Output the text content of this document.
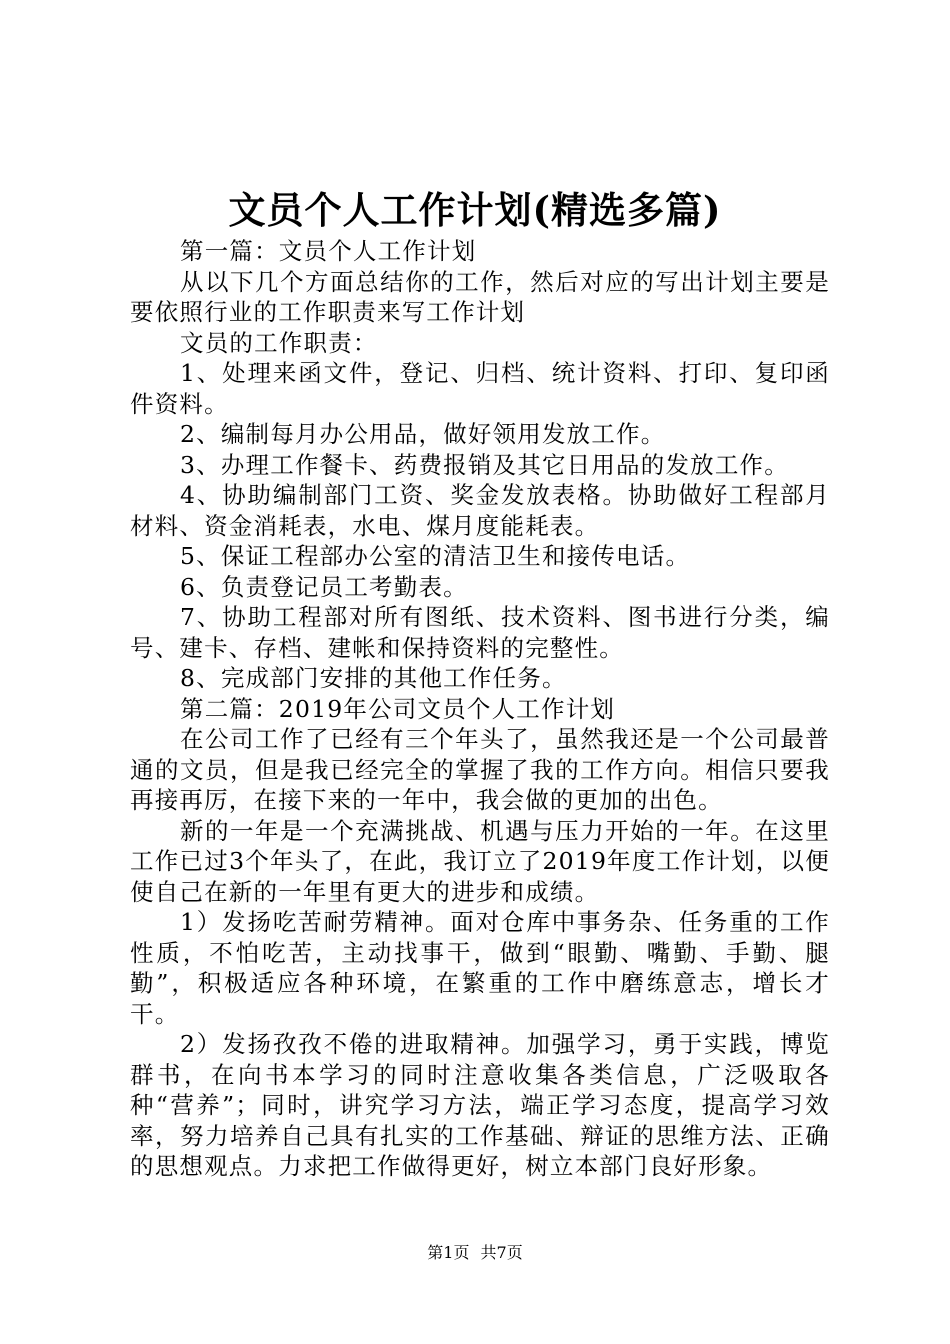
文员个人工作计划(精选多篇)

第一篇：文员个人工作计划

从以下几个方面总结你的工作，然后对应的写出计划主要是要依照行业的工作职责来写工作计划

文员的工作职责：

1、处理来函文件，登记、归档、统计资料、打印、复印函件资料。

2、编制每月办公用品，做好领用发放工作。

3、办理工作餐卡、药费报销及其它日用品的发放工作。

4、协助编制部门工资、奖金发放表格。协助做好工程部月材料、资金消耗表，水电、煤月度能耗表。

5、保证工程部办公室的清洁卫生和接传电话。

6、负责登记员工考勤表。

7、协助工程部对所有图纸、技术资料、图书进行分类，编号、建卡、存档、建帐和保持资料的完整性。

8、完成部门安排的其他工作任务。

第二篇：2019年公司文员个人工作计划

在公司工作了已经有三个年头了，虽然我还是一个公司最普通的文员，但是我已经完全的掌握了我的工作方向。相信只要我再接再厉，在接下来的一年中，我会做的更加的出色。

新的一年是一个充满挑战、机遇与压力开始的一年。在这里工作已过3个年头了，在此，我订立了2019年度工作计划，以便使自己在新的一年里有更大的进步和成绩。

1）发扬吃苦耐劳精神。面对仓库中事务杂、任务重的工作性质，不怕吃苦，主动找事干，做到“眼勤、嘴勤、手勤、腿勤”，积极适应各种环境，在繁重的工作中磨练意志，增长才干。

2）发扬孜孜不倦的进取精神。加强学习，勇于实践，博览群书，在向书本学习的同时注意收集各类信息，广泛吸取各种“营养”；同时，讲究学习方法，端正学习态度，提高学习效率，努力培养自己具有扎实的工作基础、辩证的思维方法、正确的思想观点。力求把工作做得更好，树立本部门良好形象。

第1页 共7页
